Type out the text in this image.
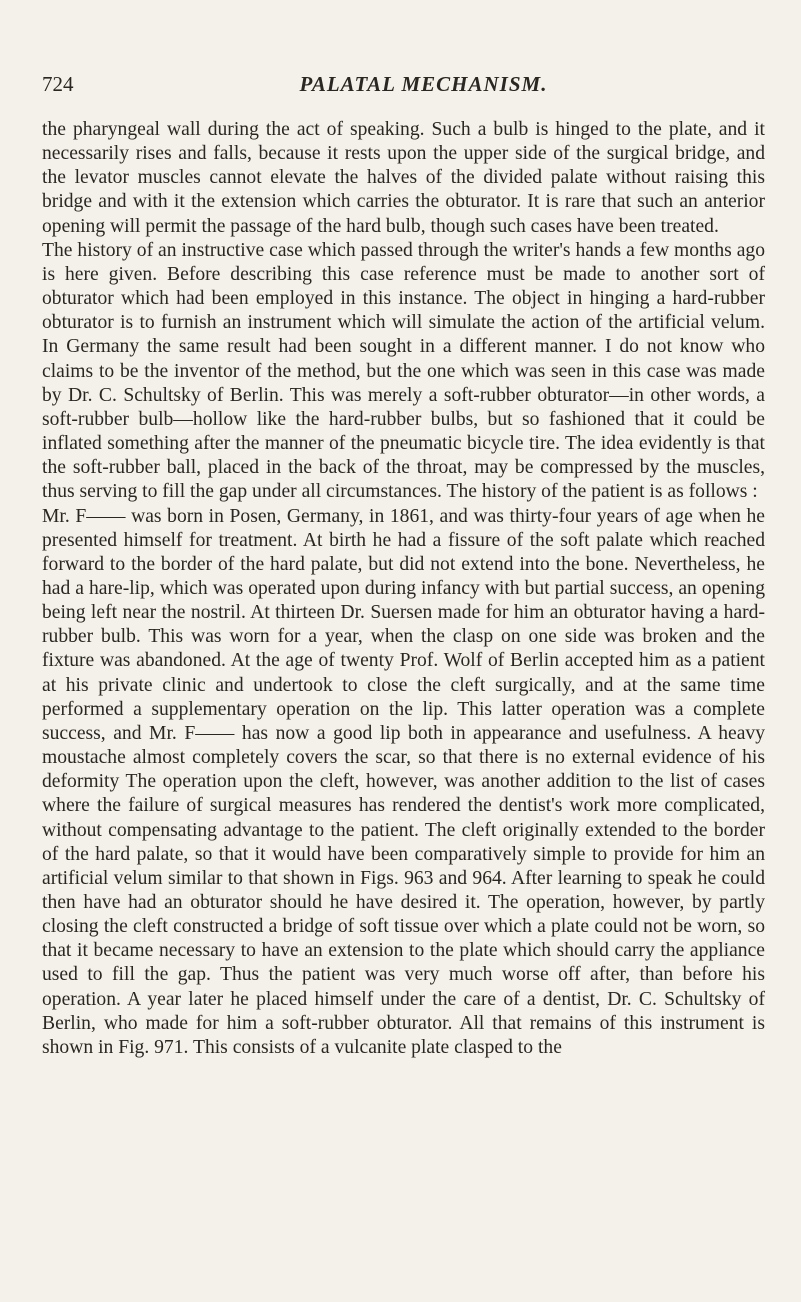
724	PALATAL MECHANISM.

the pharyngeal wall during the act of speaking. Such a bulb is hinged to the plate, and it necessarily rises and falls, because it rests upon the upper side of the surgical bridge, and the levator muscles cannot elevate the halves of the divided palate without raising this bridge and with it the extension which carries the obturator. It is rare that such an anterior opening will permit the passage of the hard bulb, though such cases have been treated.

The history of an instructive case which passed through the writer's hands a few months ago is here given. Before describing this case reference must be made to another sort of obturator which had been employed in this instance. The object in hinging a hard-rubber obturator is to furnish an instrument which will simulate the action of the artificial velum. In Germany the same result had been sought in a different manner. I do not know who claims to be the inventor of the method, but the one which was seen in this case was made by Dr. C. Schultsky of Berlin. This was merely a soft-rubber obturator—in other words, a soft-rubber bulb—hollow like the hard-rubber bulbs, but so fashioned that it could be inflated something after the manner of the pneumatic bicycle tire. The idea evidently is that the soft-rubber ball, placed in the back of the throat, may be compressed by the muscles, thus serving to fill the gap under all circumstances. The history of the patient is as follows :

Mr. F—— was born in Posen, Germany, in 1861, and was thirty-four years of age when he presented himself for treatment. At birth he had a fissure of the soft palate which reached forward to the border of the hard palate, but did not extend into the bone. Nevertheless, he had a hare-lip, which was operated upon during infancy with but partial success, an opening being left near the nostril. At thirteen Dr. Suersen made for him an obturator having a hard-rubber bulb. This was worn for a year, when the clasp on one side was broken and the fixture was abandoned. At the age of twenty Prof. Wolf of Berlin accepted him as a patient at his private clinic and undertook to close the cleft surgically, and at the same time performed a supplementary operation on the lip. This latter operation was a complete success, and Mr. F—— has now a good lip both in appearance and usefulness. A heavy moustache almost completely covers the scar, so that there is no external evidence of his deformity The operation upon the cleft, however, was another addition to the list of cases where the failure of surgical measures has rendered the dentist's work more complicated, without compensating advantage to the patient. The cleft originally extended to the border of the hard palate, so that it would have been comparatively simple to provide for him an artificial velum similar to that shown in Figs. 963 and 964. After learning to speak he could then have had an obturator should he have desired it. The operation, however, by partly closing the cleft constructed a bridge of soft tissue over which a plate could not be worn, so that it became necessary to have an extension to the plate which should carry the appliance used to fill the gap. Thus the patient was very much worse off after, than before his operation. A year later he placed himself under the care of a dentist, Dr. C. Schultsky of Berlin, who made for him a soft-rubber obturator. All that remains of this instrument is shown in Fig. 971. This consists of a vulcanite plate clasped to the
